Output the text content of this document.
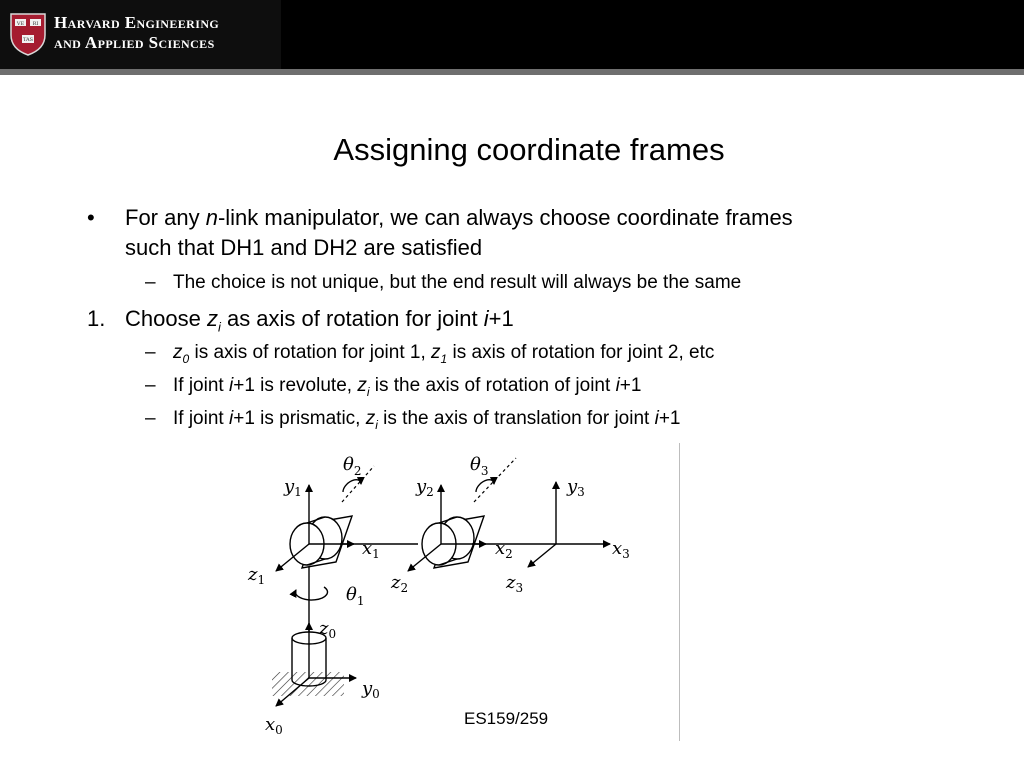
VE RI
TAS
Harvard Engineering
and Applied Sciences
Assigning coordinate frames
• For any n-link manipulator, we can always choose coordinate frames
such that DH1 and DH2 are satisfied
– The choice is not unique, but the end result will always be the same
1. Choose $z_i$ as axis of rotation for joint i+1
– $z_0$ is axis of rotation for joint 1, $z_1$ is axis of rotation for joint 2, etc
– If joint i+1 is revolute, $z_i$ is the axis of rotation of joint i+1
– If joint i+1 is prismatic, $z_i$ is the axis of translation for joint i+1
$\theta_2$	$\theta_3$
$\theta_1$
$y_1$	$y_2$	$y_3$
$x_1$	$x_2$	$x_3$
$z_1$	$z_2$	$z_3$
$z_0$
$y_0$
$x_0$
ES159/259
